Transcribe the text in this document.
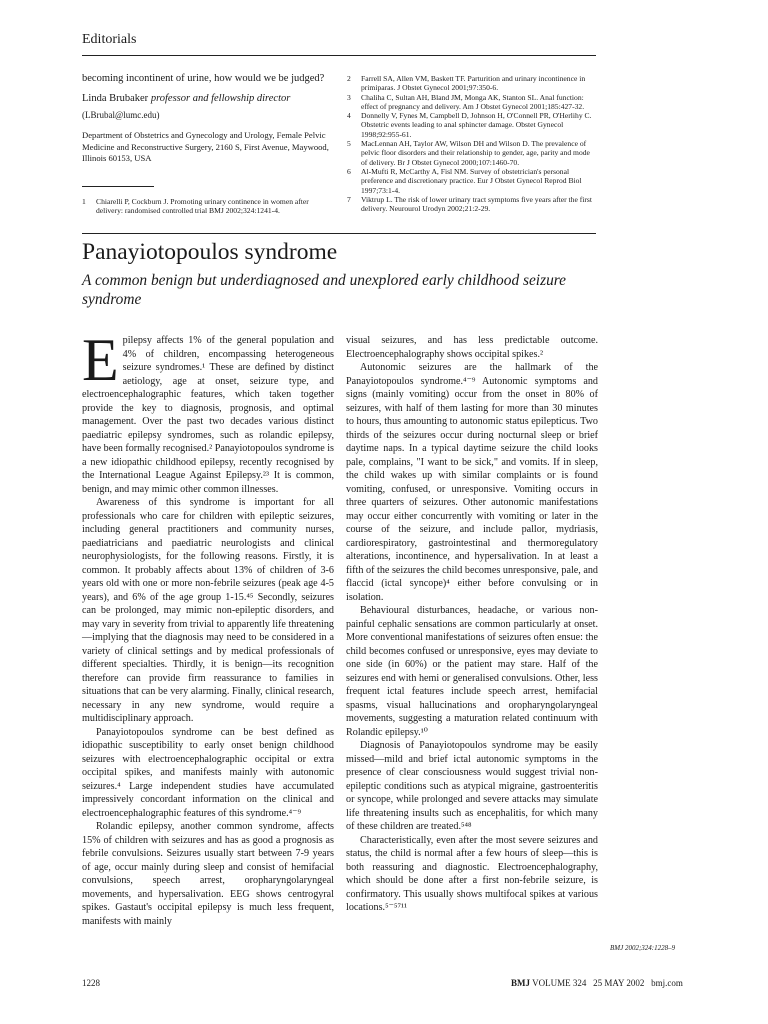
Editorials

becoming incontinent of urine, how would we be judged?

Linda Brubaker professor and fellowship director

(LBrubal@lumc.edu)

Department of Obstetrics and Gynecology and Urology, Female Pelvic Medicine and Reconstructive Surgery, 2160 S, First Avenue, Maywood, Illinois 60153, USA

1 Chiarelli P, Cockburn J. Promoting urinary continence in women after delivery: randomised controlled trial BMJ 2002;324:1241-4.
2 Farrell SA, Allen VM, Baskett TF. Parturition and urinary incontinence in primiparas. J Obstet Gynecol 2001;97:350-6.
3 Chaliha C, Sultan AH, Bland JM, Monga AK, Stanton SL. Anal function: effect of pregnancy and delivery. Am J Obstet Gynecol 2001;185:427-32.
4 Donnelly V, Fynes M, Campbell D, Johnson H, O'Connell PR, O'Herlihy C. Obstetric events leading to anal sphincter damage. Obstet Gynecol 1998;92:955-61.
5 MacLennan AH, Taylor AW, Wilson DH and Wilson D. The prevalence of pelvic floor disorders and their relationship to gender, age, parity and mode of delivery. Br J Obstet Gynecol 2000;107:1460-70.
6 Al-Mufti R, McCarthy A, Fisl NM. Survey of obstetrician's personal preference and discretionary practice. Eur J Obstet Gynecol Reprod Biol 1997;73:1-4.
7 Viktrup L. The risk of lower urinary tract symptoms five years after the first delivery. Neurourol Urodyn 2002;21:2-29.
Panayiotopoulos syndrome
A common benign but underdiagnosed and unexplored early childhood seizure syndrome

Epilepsy affects 1% of the general population and 4% of children, encompassing heterogeneous seizure syndromes.¹ These are defined by distinct aetiology, age at onset, seizure type, and electroencephalographic features, which taken together provide the key to diagnosis, prognosis, and optimal management. Over the past two decades various distinct paediatric epilepsy syndromes, such as rolandic epilepsy, have been formally recognised.² Panayiotopoulos syndrome is a new idiopathic childhood epilepsy, recently recognised by the International League Against Epilepsy.²³ It is common, benign, and may mimic other common illnesses.

Awareness of this syndrome is important for all professionals who care for children with epileptic seizures, including general practitioners and community nurses, paediatricians and paediatric neurologists and clinical neurophysiologists, for the following reasons. Firstly, it is common. It probably affects about 13% of children of 3-6 years old with one or more non-febrile seizures (peak age 4-5 years), and 6% of the age group 1-15.⁴⁵ Secondly, seizures can be prolonged, may mimic non-epileptic disorders, and may vary in severity from trivial to apparently life threatening—implying that the diagnosis may need to be considered in a variety of clinical settings and by medical professionals of different specialties. Thirdly, it is benign—its recognition therefore can provide firm reassurance to families in situations that can be very alarming. Finally, clinical research, necessary in any new syndrome, would require a multidisciplinary approach.

Panayiotopoulos syndrome can be best defined as idiopathic susceptibility to early onset benign childhood seizures with electroencephalographic occipital or extra occipital spikes, and manifests mainly with autonomic seizures.⁴ Large independent studies have accumulated impressively concordant information on the clinical and electroencephalographic features of this syndrome.⁴⁻⁹

Rolandic epilepsy, another common syndrome, affects 15% of children with seizures and has as good a prognosis as febrile convulsions. Seizures usually start between 7-9 years of age, occur mainly during sleep and consist of hemifacial convulsions, speech arrest, oropharyngolaryngeal movements, and hypersalivation. EEG shows centrogyral spikes. Gastaut's occipital epilepsy is much less frequent, manifests with mainly

visual seizures, and has less predictable outcome. Electroencephalography shows occipital spikes.²

Autonomic seizures are the hallmark of the Panayiotopoulos syndrome.⁴⁻⁹ Autonomic symptoms and signs (mainly vomiting) occur from the onset in 80% of seizures, with half of them lasting for more than 30 minutes to hours, thus amounting to autonomic status epilepticus. Two thirds of the seizures occur during nocturnal sleep or brief daytime naps. In a typical daytime seizure the child looks pale, complains, "I want to be sick," and vomits. If in sleep, the child wakes up with similar complaints or is found vomiting, confused, or unresponsive. Vomiting occurs in three quarters of seizures. Other autonomic manifestations may occur either concurrently with vomiting or later in the course of the seizure, and include pallor, mydriasis, cardiorespiratory, gastrointestinal and thermoregulatory alterations, incontinence, and hypersalivation. In at least a fifth of the seizures the child becomes unresponsive, pale, and flaccid (ictal syncope)⁴ either before convulsing or in isolation.

Behavioural disturbances, headache, or various non-painful cephalic sensations are common particularly at onset. More conventional manifestations of seizures often ensue: the child becomes confused or unresponsive, eyes may deviate to one side (in 60%) or the patient may stare. Half of the seizures end with hemi or generalised convulsions. Other, less frequent ictal features include speech arrest, hemifacial spasms, visual hallucinations and oropharyngolaryngeal movements, suggesting a maturation related continuum with Rolandic epilepsy.¹⁰

Diagnosis of Panayiotopoulos syndrome may be easily missed—mild and brief ictal autonomic symptoms in the presence of clear consciousness would suggest trivial non-epileptic conditions such as atypical migraine, gastroenteritis or syncope, while prolonged and severe attacks may simulate life threatening insults such as encephalitis, for which many of these children are treated.⁵⁴⁸

Characteristically, even after the most severe seizures and status, the child is normal after a few hours of sleep—this is both reassuring and diagnostic. Electroencephalography, which should be done after a first non-febrile seizure, is confirmatory. This usually shows multifocal spikes at various locations.⁵⁻⁵⁷¹¹

BMJ 2002;324:1228–9
1228	BMJ VOLUME 324   25 MAY 2002   bmj.com
